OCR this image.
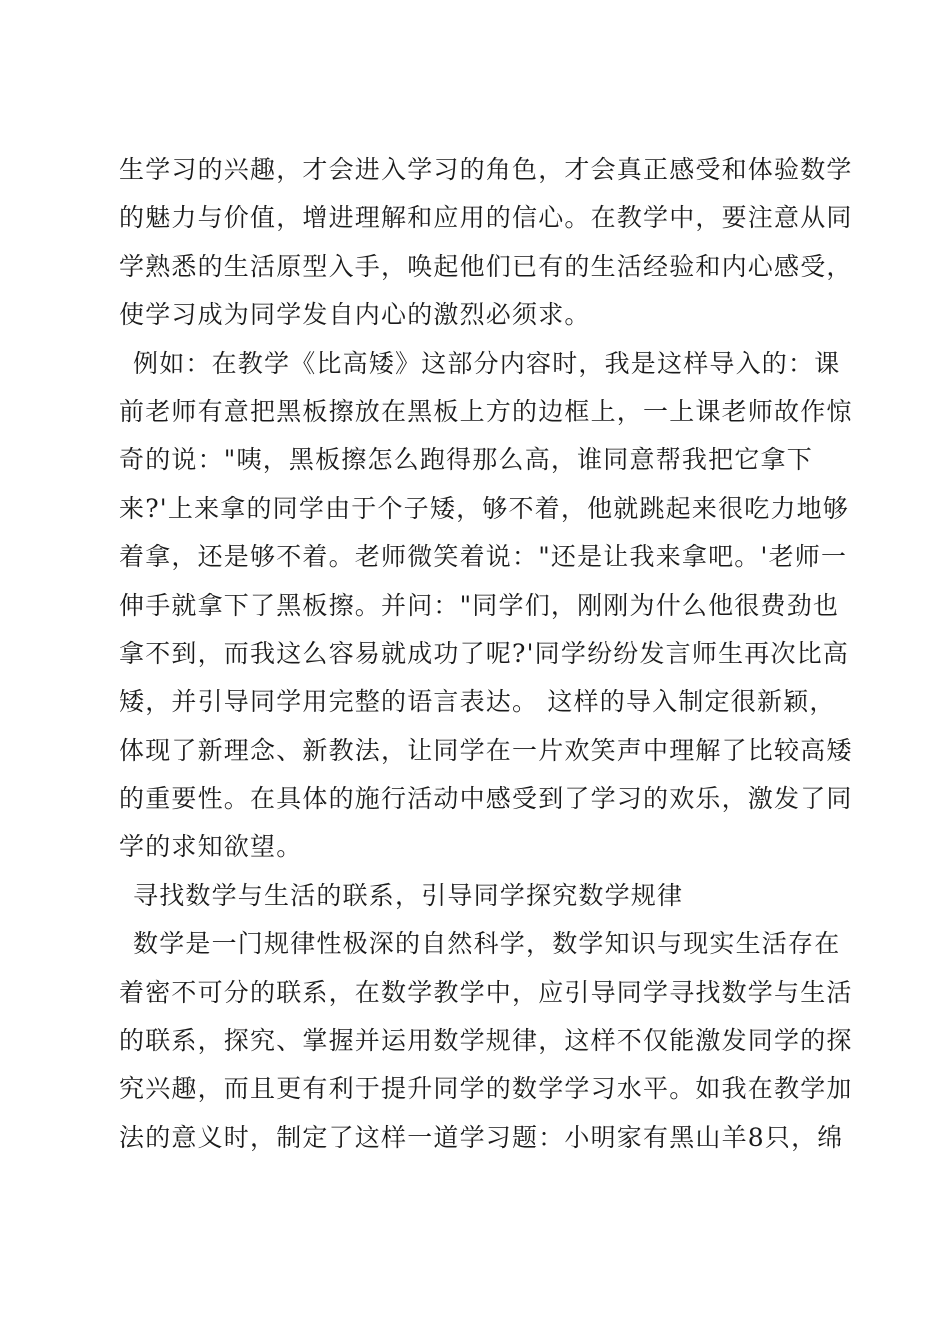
生学习的兴趣，才会进入学习的角色，才会真正感受和体验数学
的魅力与价值，增进理解和应用的信心。在教学中，要注意从同
学熟悉的生活原型入手，唤起他们已有的生活经验和内心感受，
使学习成为同学发自内心的激烈必须求。
例如：在教学《比高矮》这部分内容时，我是这样导入的：课
前老师有意把黑板擦放在黑板上方的边框上，一上课老师故作惊
奇的说："咦，黑板擦怎么跑得那么高，谁同意帮我把它拿下
来?'上来拿的同学由于个子矮，够不着，他就跳起来很吃力地够
着拿，还是够不着。老师微笑着说："还是让我来拿吧。'老师一
伸手就拿下了黑板擦。并问："同学们，刚刚为什么他很费劲也
拿不到，而我这么容易就成功了呢?'同学纷纷发言师生再次比高
矮，并引导同学用完整的语言表达。 这样的导入制定很新颖，
体现了新理念、新教法，让同学在一片欢笑声中理解了比较高矮
的重要性。在具体的施行活动中感受到了学习的欢乐，激发了同
学的求知欲望。
寻找数学与生活的联系，引导同学探究数学规律
数学是一门规律性极深的自然科学，数学知识与现实生活存在
着密不可分的联系，在数学教学中，应引导同学寻找数学与生活
的联系，探究、掌握并运用数学规律，这样不仅能激发同学的探
究兴趣，而且更有利于提升同学的数学学习水平。如我在教学加
法的意义时，制定了这样一道学习题：小明家有黑山羊8只，绵
